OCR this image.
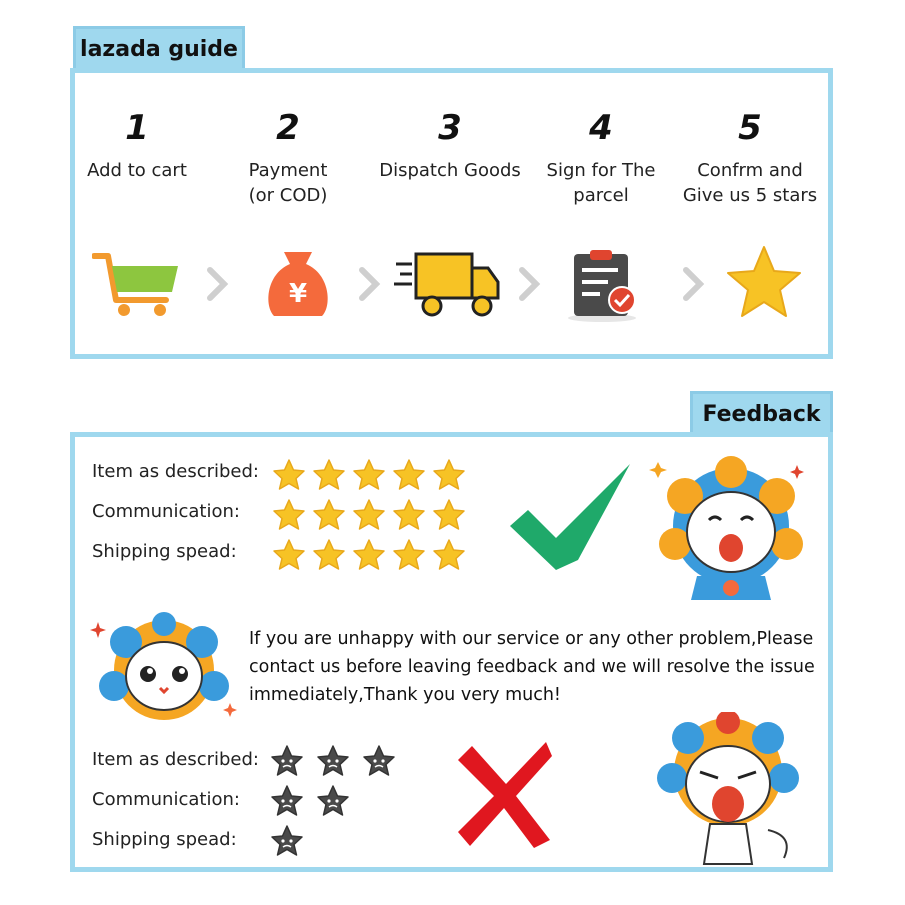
lazada guide
1
Add to cart
2
Payment
(or COD)
3
Dispatch Goods
4
Sign for The
parcel
5
Confrm and
Give us 5 stars
¥
Feedback
Item as described:
Communication:
Shipping spead:
If you are unhappy with our service or any other problem,Please
contact us before leaving feedback and we will resolve the issue
immediately,Thank you very much!
Item as described:
Communication:
Shipping spead:
